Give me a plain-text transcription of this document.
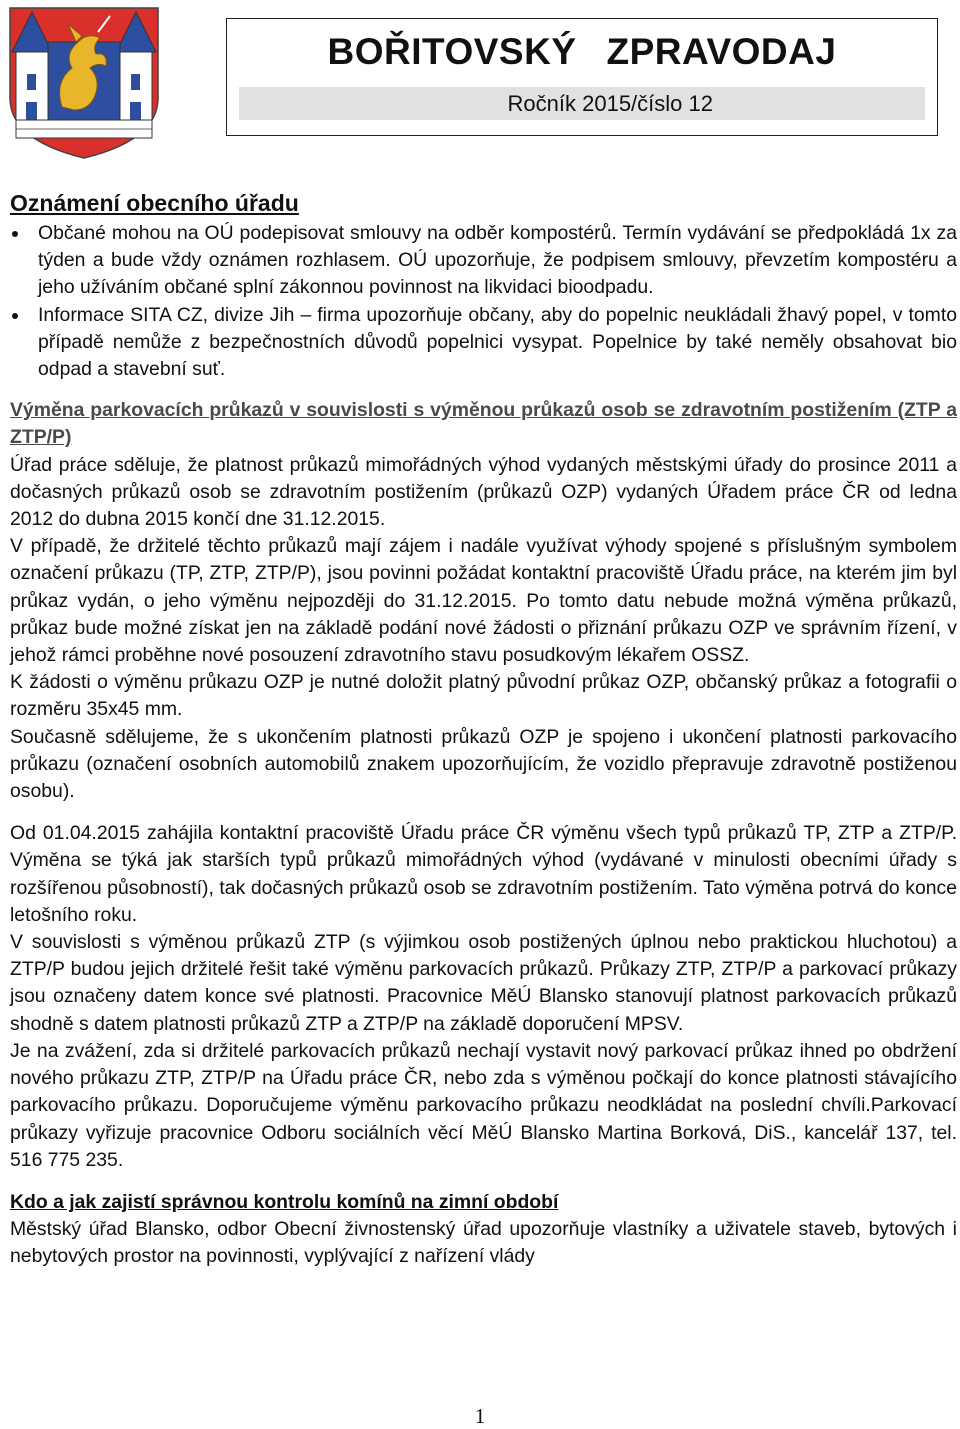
BOŘITOVSKÝ ZPRAVODAJ
Ročník 2015/číslo 12
Oznámení obecního úřadu
Občané mohou na OÚ podepisovat smlouvy na odběr kompostérů. Termín vydávání se předpokládá 1x za týden a bude vždy oznámen rozhlasem. OÚ upozorňuje, že podpisem smlouvy, převzetím kompostéru a jeho užíváním občané splní zákonnou povinnost na likvidaci bioodpadu.
Informace SITA CZ, divize Jih – firma upozorňuje občany, aby do popelnic neukládali žhavý popel, v tomto případě nemůže z bezpečnostních důvodů popelnici vysypat. Popelnice by také neměly obsahovat bio odpad a stavební suť.

Výměna parkovacích průkazů v souvislosti s výměnou průkazů osob se zdravotním postižením (ZTP a ZTP/P)

Úřad práce sděluje, že platnost průkazů mimořádných výhod vydaných městskými úřady do prosince 2011 a dočasných průkazů osob se zdravotním postižením (průkazů OZP) vydaných Úřadem práce ČR od ledna 2012 do dubna 2015 končí dne 31.12.2015.

V případě, že držitelé těchto průkazů mají zájem i nadále využívat výhody spojené s příslušným symbolem označení průkazu (TP, ZTP, ZTP/P), jsou povinni požádat kontaktní pracoviště Úřadu práce, na kterém jim byl průkaz vydán, o jeho výměnu nejpozději do 31.12.2015. Po tomto datu nebude možná výměna průkazů, průkaz bude možné získat jen na základě podání nové žádosti o přiznání průkazu OZP ve správním řízení, v jehož rámci proběhne nové posouzení zdravotního stavu posudkovým lékařem OSSZ.

K žádosti o výměnu průkazu OZP je nutné doložit platný původní průkaz OZP, občanský průkaz a fotografii o rozměru 35x45 mm.

Současně sdělujeme, že s ukončením platnosti průkazů OZP je spojeno i ukončení platnosti parkovacího průkazu (označení osobních automobilů znakem upozorňujícím, že vozidlo přepravuje zdravotně postiženou osobu).

Od 01.04.2015 zahájila kontaktní pracoviště Úřadu práce ČR výměnu všech typů průkazů TP, ZTP a ZTP/P. Výměna se týká jak starších typů průkazů mimořádných výhod (vydávané v minulosti obecními úřady s rozšířenou působností), tak dočasných průkazů osob se zdravotním postižením. Tato výměna potrvá do konce letošního roku.

V souvislosti s výměnou průkazů ZTP (s výjimkou osob postižených úplnou nebo praktickou hluchotou) a ZTP/P budou jejich držitelé řešit také výměnu parkovacích průkazů. Průkazy ZTP, ZTP/P a parkovací průkazy jsou označeny datem konce své platnosti. Pracovnice MěÚ Blansko stanovují platnost parkovacích průkazů shodně s datem platnosti průkazů ZTP a ZTP/P na základě doporučení MPSV.

Je na zvážení, zda si držitelé parkovacích průkazů nechají vystavit nový parkovací průkaz ihned po obdržení nového průkazu ZTP, ZTP/P na Úřadu práce ČR, nebo zda s výměnou počkají do konce platnosti stávajícího parkovacího průkazu. Doporučujeme výměnu parkovacího průkazu neodkládat na poslední chvíli.Parkovací průkazy vyřizuje pracovnice Odboru sociálních věcí MěÚ Blansko Martina Borková, DiS., kancelář 137, tel. 516 775 235.

Kdo a jak zajistí správnou kontrolu komínů na zimní období

Městský úřad Blansko, odbor Obecní živnostenský úřad upozorňuje vlastníky a uživatele staveb, bytových i nebytových prostor na povinnosti, vyplývající z nařízení vlády

1
